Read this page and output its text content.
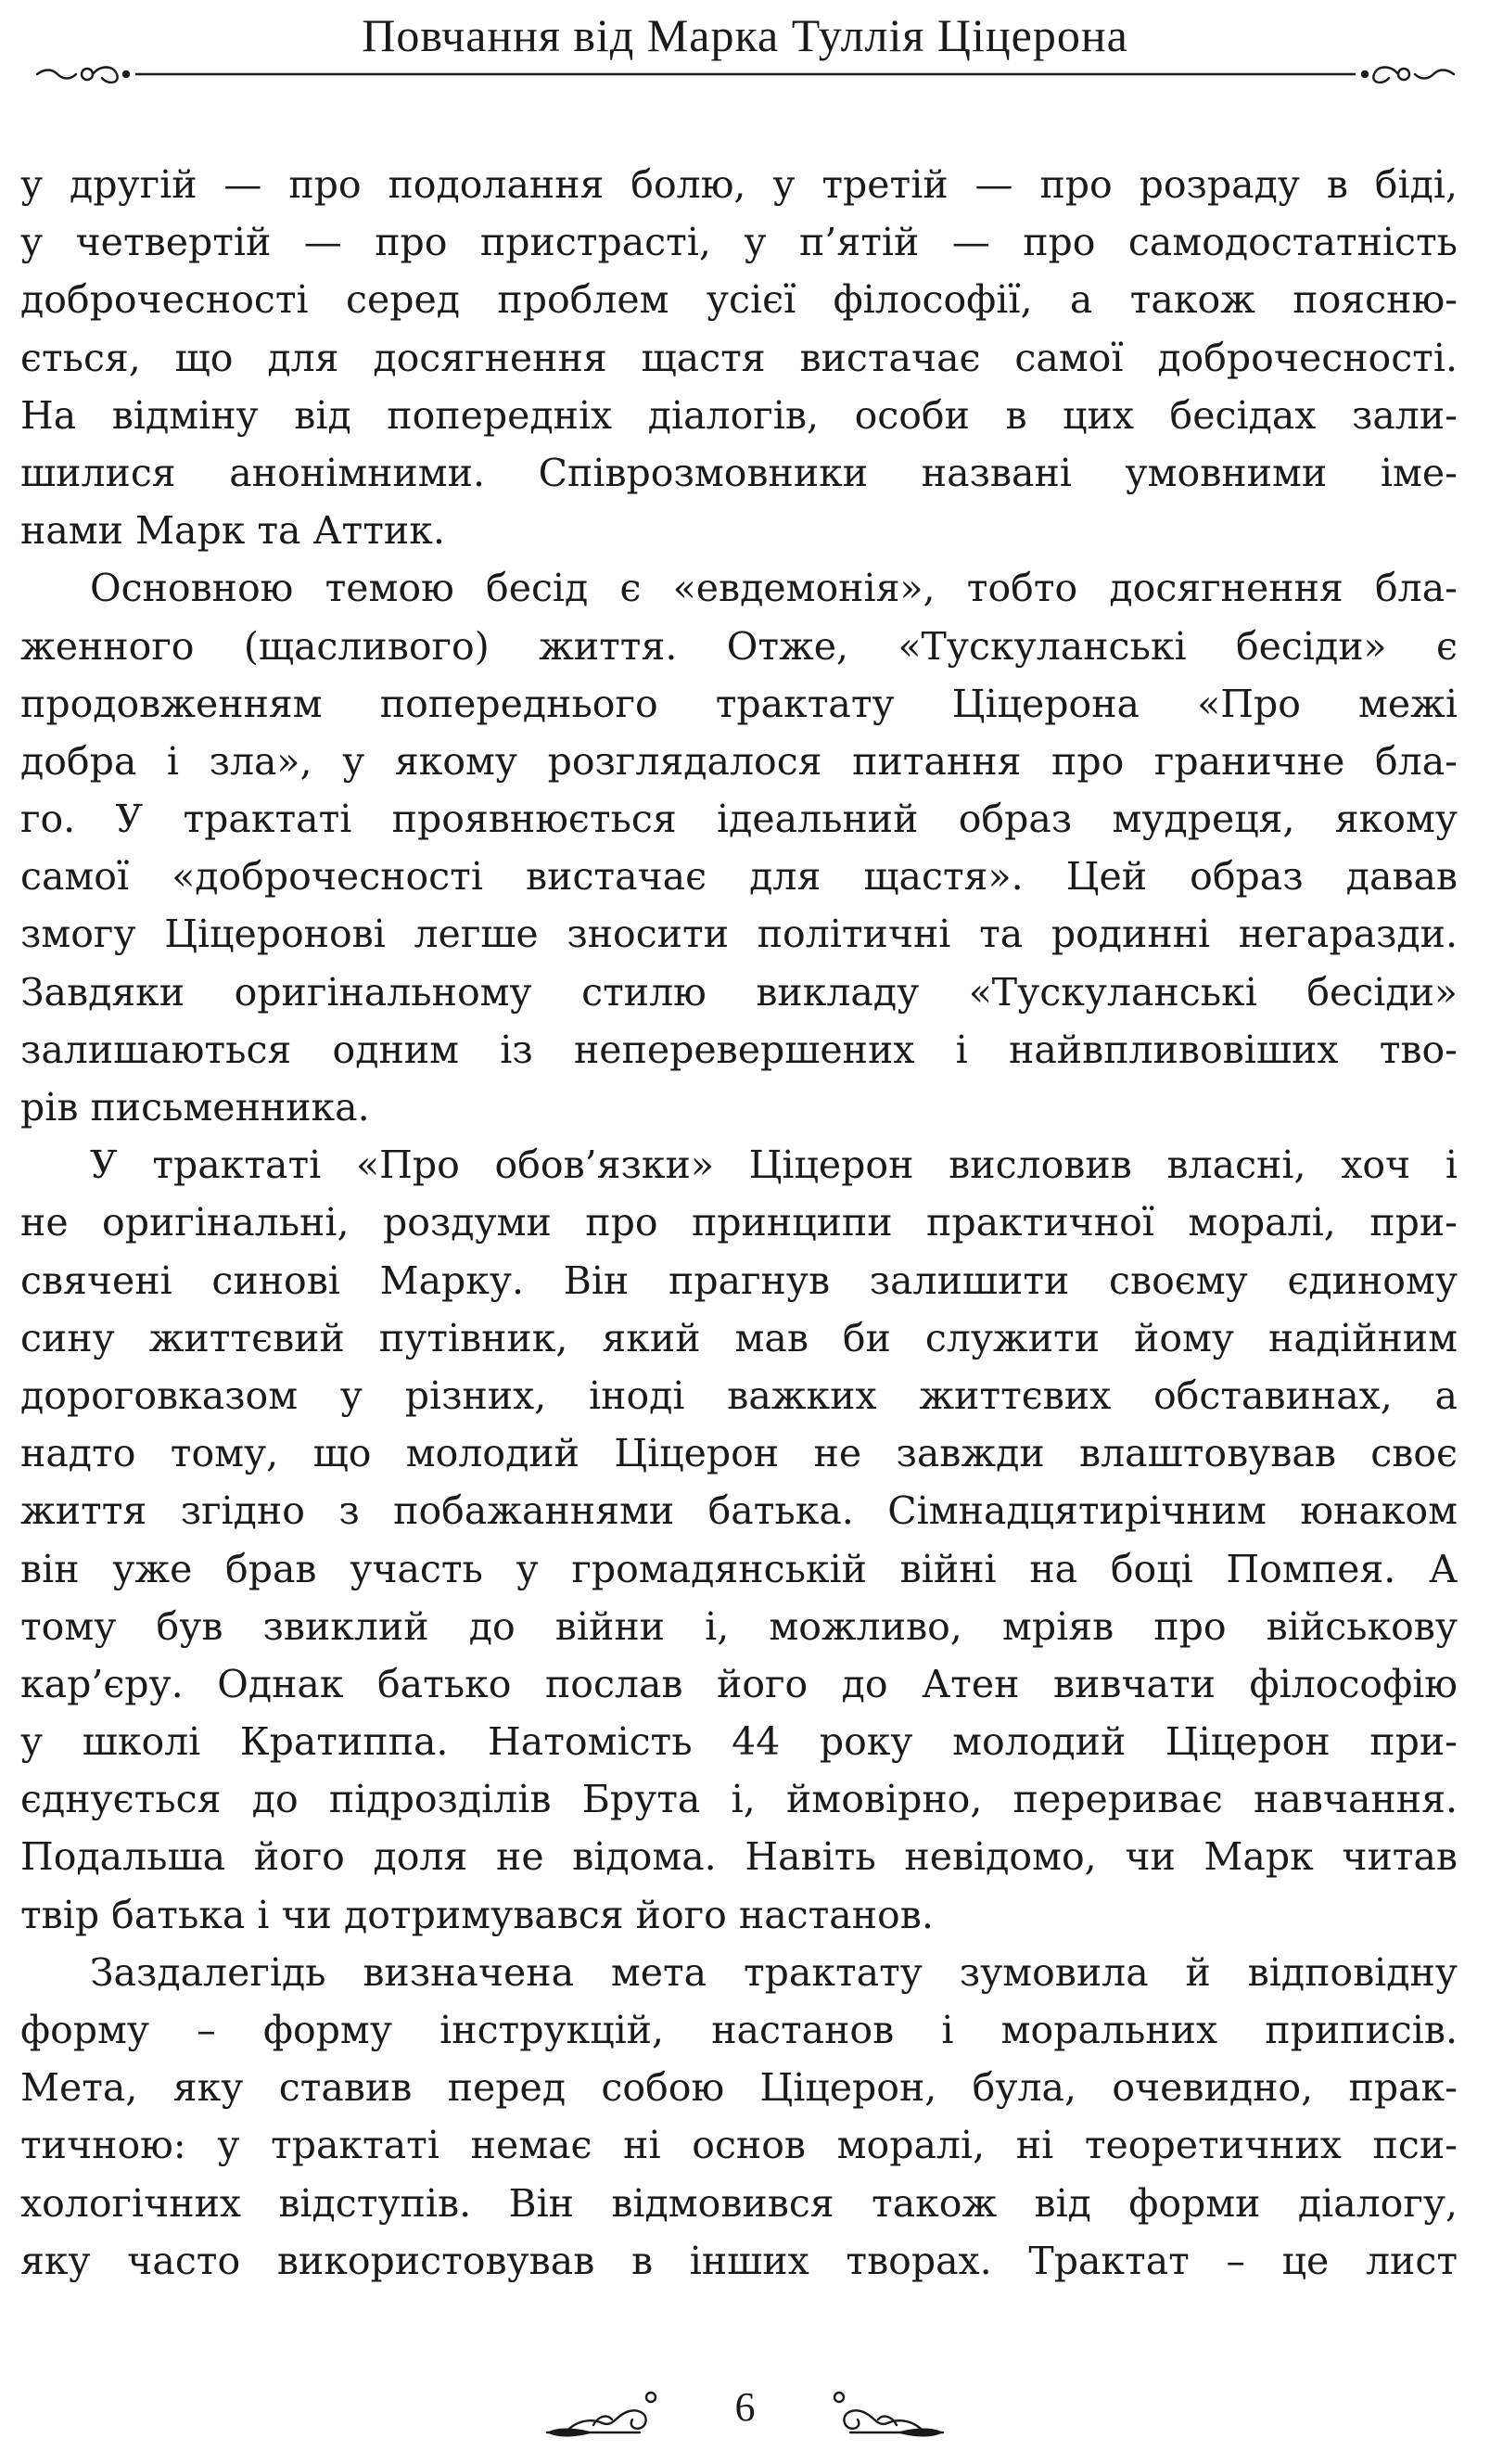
Повчання від Марка Туллія Ціцерона
у другій — про подолання болю, у третій — про розраду в біді,
у четвертій — про пристрасті, у п’ятій — про самодостатність
доброчесності серед проблем усієї філософії, а також поясню-
ється, що для досягнення щастя вистачає самої доброчесності.
На відміну від попередніх діалогів, особи в цих бесідах зали-
шилися анонімними. Співрозмовники названі умовними іме-
нами Марк та Аттик.
Основною темою бесід є «евдемонія», тобто досягнення бла-
женного (щасливого) життя. Отже, «Тускуланські бесіди» є
продовженням попереднього трактату Ціцерона «Про межі
добра і зла», у якому розглядалося питання про граничне бла-
го. У трактаті проявнюється ідеальний образ мудреця, якому
самої «доброчесності вистачає для щастя». Цей образ давав
змогу Ціцеронові легше зносити політичні та родинні негаразди.
Завдяки оригінальному стилю викладу «Тускуланські бесіди»
залишаються одним із неперевершених і найвпливовіших тво-
рів письменника.
У трактаті «Про обов’язки» Ціцерон висловив власні, хоч і
не оригінальні, роздуми про принципи практичної моралі, при-
свячені синові Марку. Він прагнув залишити своєму єдиному
сину життєвий путівник, який мав би служити йому надійним
дороговказом у різних, іноді важких життєвих обставинах, а
надто тому, що молодий Ціцерон не завжди влаштовував своє
життя згідно з побажаннями батька. Сімнадцятирічним юнаком
він уже брав участь у громадянській війні на боці Помпея. А
тому був звиклий до війни і, можливо, мріяв про військову
кар’єру. Однак батько послав його до Атен вивчати філософію
у школі Кратиппа. Натомість 44 року молодий Ціцерон при-
єднується до підрозділів Брута і, ймовірно, перериває навчання.
Подальша його доля не відома. Навіть невідомо, чи Марк читав
твір батька і чи дотримувався його настанов.
Заздалегідь визначена мета трактату зумовила й відповідну
форму – форму інструкцій, настанов і моральних приписів.
Мета, яку ставив перед собою Ціцерон, була, очевидно, прак-
тичною: у трактаті немає ні основ моралі, ні теоретичних пси-
хологічних відступів. Він відмовився також від форми діалогу,
яку часто використовував в інших творах. Трактат – це лист
6
